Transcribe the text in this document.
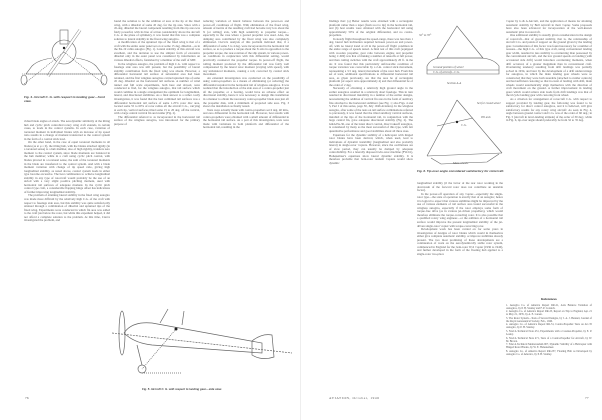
Fig. 4. Aircraft C. G. with respect to landing gear—front view.

vidual blade angles of attack. The aerodynamic similarity of the tilting hub and cyclic pitch controlled rotary wing craft extends, in certain cases, to loads in the control systems. In each case, variation of torsional moment in individual blades with an increase of tip speed ratio results in a change of moment transferred to the control system in the form of a control stick load.

On the other hand, in the case of equal torsional moments in all blades (as at μ = 0), the tilting hub, with the blades attached rigidly (in a torsional sense) to a hub member, also of high rigidity, transfers zero moment to the control system, since blade moments are balanced in the hub member; while in a craft using cyclic pitch control, with blades pivoted in a torsional sense, the sum of the torsional moments in the blade are transferred to the control system. And with a blade moment variation with change of tip speed ratio, giving high longitudinal stability, as noted above, control system loads in either type become excessive. The best combination to achieve longitudinal stability in any type of rotorcraft would probably be the use of an airfoil with a very slight positive pitching moment, used with horizontal tail surfaces of adequate moment. In the cyclic pitch control type craft, a considerable flapping hinge offset has indications of further improving longitudinal stability.

The problem of attaining lateral stability in the fixed wing autogiro was made more difficult by the relatively high C.G. of the craft with respect to fuselage side area, but this stability was quite satisfactorily attained through a combination of dihedral and upturned tips of the fixed wing. Experiments were conducted in which fin area was added to the craft just below the rotor, but while this expedient helped, it did not afford a complete solution to the problem. At this time, Cierva investigated the problem, and

found the solution to be the addition of area at the tip of the fixed wing, with a dihedral of some 45 deg. for the tip area. Since with a 45-deg. dihedral the lateral component resulting from this tip area was fairly powerful, with its line of action considerably above the aircraft C.G. at the plane of symmetry, it was found that this was a complete solution to lateral stability in the fixed-wing autogiro.

A modification of the upturned tips of the fixed wing is that of a craft with the entire outer panel set on at some 15 deg. dihedral—as in the PA-19 cabin autogiro (Fig. 1). Lateral stability of this aircraft was excellent, and the decision to use the simpler form of excessive dihedral only in the outer panel was considered by information on various dihedral effects, furnished by a member of the staff of MIT.

In the wingless autogiro, the problem of high C.G. with respect to fuselage side area was still present, but the possibility of lateral stability contribution from the fixed wing was absent. However, a differential horizontal tail surface of substantial area had been retained, and the first wingless autogiros carried upturned tips of some 45 deg. dihedral on the horizontal tail surfaces. A number of wind tunnel and full scale experiments, both here and abroad, were conducted to find, for the wingless autogiro, that tail surface which would combine in a single arrangement the optimum for longitudinal, lateral, and directional stabilities. As a final answer to a rather costly investigation, it was found that the best combined tail surfaces was a differential horizontal tail surface of some 1.25% rotor disc area, located some 55 to 60% of rotor radius aft the aircraft C.G., carrying at each tip, vertical surfaces tilted some 15 to 20 deg. off the vertical, with a large central vertical fin and rudder (Fig. 2).

The differential referred to as incorporated in the horizontal tail surface of the wingless autogiro, was introduced for the primary purpose of

reducing variation of lateral balance between the power-on and power-off conditions of flight. With elimination of the fixed wing, amount of inertia of the resulting craft had become very low about the X (or rolling) axis, with high sensitivity to propeller torque—especially in the case where a geared propeller was used. Also, the damping area contributed by the fixed wing was also completely eliminated. Cierva's analysis of this problem indicated that, if a differential of some 3 to 4 deg. were incorporated in the horizontal tail surface, so as to produce a torque about the X axis in opposition to the propeller torque, the rear-rotation of the slip stream, in various power-on conditions in conjunction with this differential setting, would practically counteract the propeller torque. In power-off flight, the rolling moment produced by the differential tail was fairly well compensated by the lateral rotor moment (varying with speed), with any unbalanced moments, causing a roll, corrected by control stick movement.

An extended investigation was conducted on the possibility of using contra-propellers as a means of eliminating (or reducing) the differential required in the horizontal tail of wingless autogiros. It was realized that the introduction of the side area of a contra-propeller just aft the propeller, or a bearing, would have an adverse effect on directional stability, hence it was necessary to design this installation in a manner to obtain the necessary contra-propeller blade area just aft the propeller disk, with a minimum of projected side area. Fig. 3 shows the installation as finally tested.

Tests were actually made with contra-propellers set 6 deg. 40 min., and zero differential in the horizontal tail. However, best results with contra-propellers were obtained with a small amount of differential in the horizontal tail surface. As a part of this investigation, tests were made with variations in both planform and differential of the horizontal tail, resulting in the

Fig. 5. Aircraft C. G. with respect to landing gear—side view.
76

findings that: (a) Better results were obtained with a rectangular planform rather than a taper (from root to tip) in the horizontal tail, and (b) best results were obtained with the horizontal tail using approximately 50% of the original differential, and no contra-propellers.

In steady flight throughout the speed-range, there was less than 1 deg. lateral hub inclination required between power-on and power-off, with no lateral trend at all in the power-off flight condition in the entire range of speeds tested. A final test of this craft (equipped with wooden propeller, gear ratio between engine and propeller being 1:.600) was that of making a number of takeoffs at full power, and then cutting switches with the craft approximately 20 ft. in the air. It was found that this particularly unfavorable condition of torque variation was correctable by a 2-in. control stick movement, representing a 3.5 deg. lateral movement of the rotor hub. From this set of tests, additional specifications to differential horizontal tail area, as given previously, are that the area be of rectangular planform (of aspect ratio approximately 4) and that differential be of the order of 2 deg.

Necessity of obtaining a relatively high ground angle in the earlier autogiros resulted in a relatively short fuselage. This in turn resulted in directional instability in a number of the earlier designs, necessitating the addition of vertical fin area in the form of auxiliary fins attached to the horizontal stabilizer (see Fig. 1; also Figs. 4 and 5, Part I of this series, page 50, July 1946 Aviation). In the wingless autogiro, after some of the tests on tail surface combinations referred to previously, it was found that the tilted auxiliary vertical surfaces, installed at the tips of the horizontal tail, in conjunction with the large central fin, gave adequate directional stability (Fig. 2). The G&A PA-36, one of the latest direct control, direct takeoff autogiros, is considered by many as the most successful of this type, with fair quantitative performance and good stabilities about all three axes.

Equations for the dynamic stability of a helicopter with hinged rotor blades have been derived, which, when used, lead to indications of dynamic instability (longitudinal and also probably lateral) in single-rotor 'copters. However, since the oscillations are of slow period, they can usually be damped by adequate controllability. For a laterally disposed twin-rotor machine (FW-61), Hohenemser's equations show lateral dynamic stability. It is therefore probable that twin-rotor tandem 'copters would show dynamic

32° to 35°
Ground position of wheel
C.G. of aircraft—C.G.
Section A-A
Set for round wheel
Tilt axis
C.G.
Main wheels
Fig. 6. Tip-over angle considered satisfactory for rotorcraft.

longitudinal stability (if the factor of the rear rotor working in the downwash of the forward rotor does not contribute an unstable factor).

In the power-off operation of any 'copter—especially the single-rotor type—the state of operation is exactly that of an autogiro; hence it is logical to expect that various stabilities might be improved by the use of various elements of tail surface area found successful in the wingless autogiro, especially if the rotor employs some form of torque-free drive (as in various jet-driven propellers), which would therefore eliminate the torque-correcting rotor. It is also possible that a qualified rotary wing engineer—or the addition of a horizontal tail surface would improve the present longitudinal stability of the jet-driven single-rotor 'copter with torque-correcting rotor.

Development work has been carried on for some years in investigation of designs of rotor blades which would in themselves either give complete automatic stability, or improve stabilities already present. The two most promising of these developments are a continuation of work on the aerodynamically stable rotor system, commenced in England for the twin-rotor W-6 'copter (1936 to 1940), and further developed in the form of the floating hub applied to a single-rotor two-place

'copter by G & A Aircraft, and the application of means for attaining automatic stability by Bell Aircraft in their 'copter. Some proposals have also been advanced for incorporation of the well-known automatic pilot in rotorcraft.

One additional stability is usually given consideration in the design of rotorcraft—that of ground stability, that is, the relationship of aircraft C.G. and points of support on the ground given by the landing gear. Consideration of this factor was found necessary for a number of reasons—the high C.G. of this type craft, using conventional landing gear width, resulted in less stability to overturning than possessed by the conventional aircraft, and the low ground speeds on landing (with occasional side drift) would introduce overturning moments, when drift occurred, of a greater magnitude than in conventional craft. Overturning tendency resulting from drift landings was partially solved in 1934, and later by the development of a drift undercarriage for autogiros, in which the main landing gear wheels were so constructed that they were both steerable (attached to rudder controls) and had sufficient castoring so that in event of landing with drift, main wheels would automatically align themselves with the direction of craft movement on the ground. A further improvement in landing gears which would relieve side loads from drift landings was that of the tricycle landing gear with castoring front wheel.

As a criterion for arrangement of rotorcraft C.G. with respect to support provided by landing gear, the following was found to be satisfactory for direct control autogiros, and it is believed, will give satisfactory results for any rotary wing aircraft: As seen in Fig. 4, angle between ground contact and C.G. was of the order of 60 deg.; in Fig. 5 (aircraft in level-landing attitude) of the order of 30 deg.; while in Fig. 6, tip-over angle should preferably be from 32 to 35 deg.

References

1. Autogiro Co. of America Report RR-21, Axis Balance Variation of Autogiros, by P. H. Stanley and F. P. Cotanch.

2. Autogiro Co. of America Report RR-25, Report on Trip to England, Apr. 21 to May 21, 1935, by A. E. Larsen.

3. The Rotor System—Tests of Several Designs, by J. A. J. Bennett, Journal of the Royal Aeronautical Society, Feb., 1940.

4. Autogiro Co. of America Report RR-31, Contra-Propeller Tests on AC-35 Autogiro, by P. H. Stanley.

5. NACA Technical Note 431, Experiments with a Counter-Propeller, by E. P. Lesley.

6. NACA Technical Note 471, Tests of a Contra-Propeller for Aircraft, by W. M. Brown.

7. NACA Technical Memorandum 907, Dynamic Stability of a Helicopter with Hinged Rotor Blades, by W. E. Hohenemser.

8. Autogiro Co. of America Report RR-237, Floating Hub as Developed by Autogiro Co. of America, by P. H. Stanley.

AVIATION, October, 1946	77
